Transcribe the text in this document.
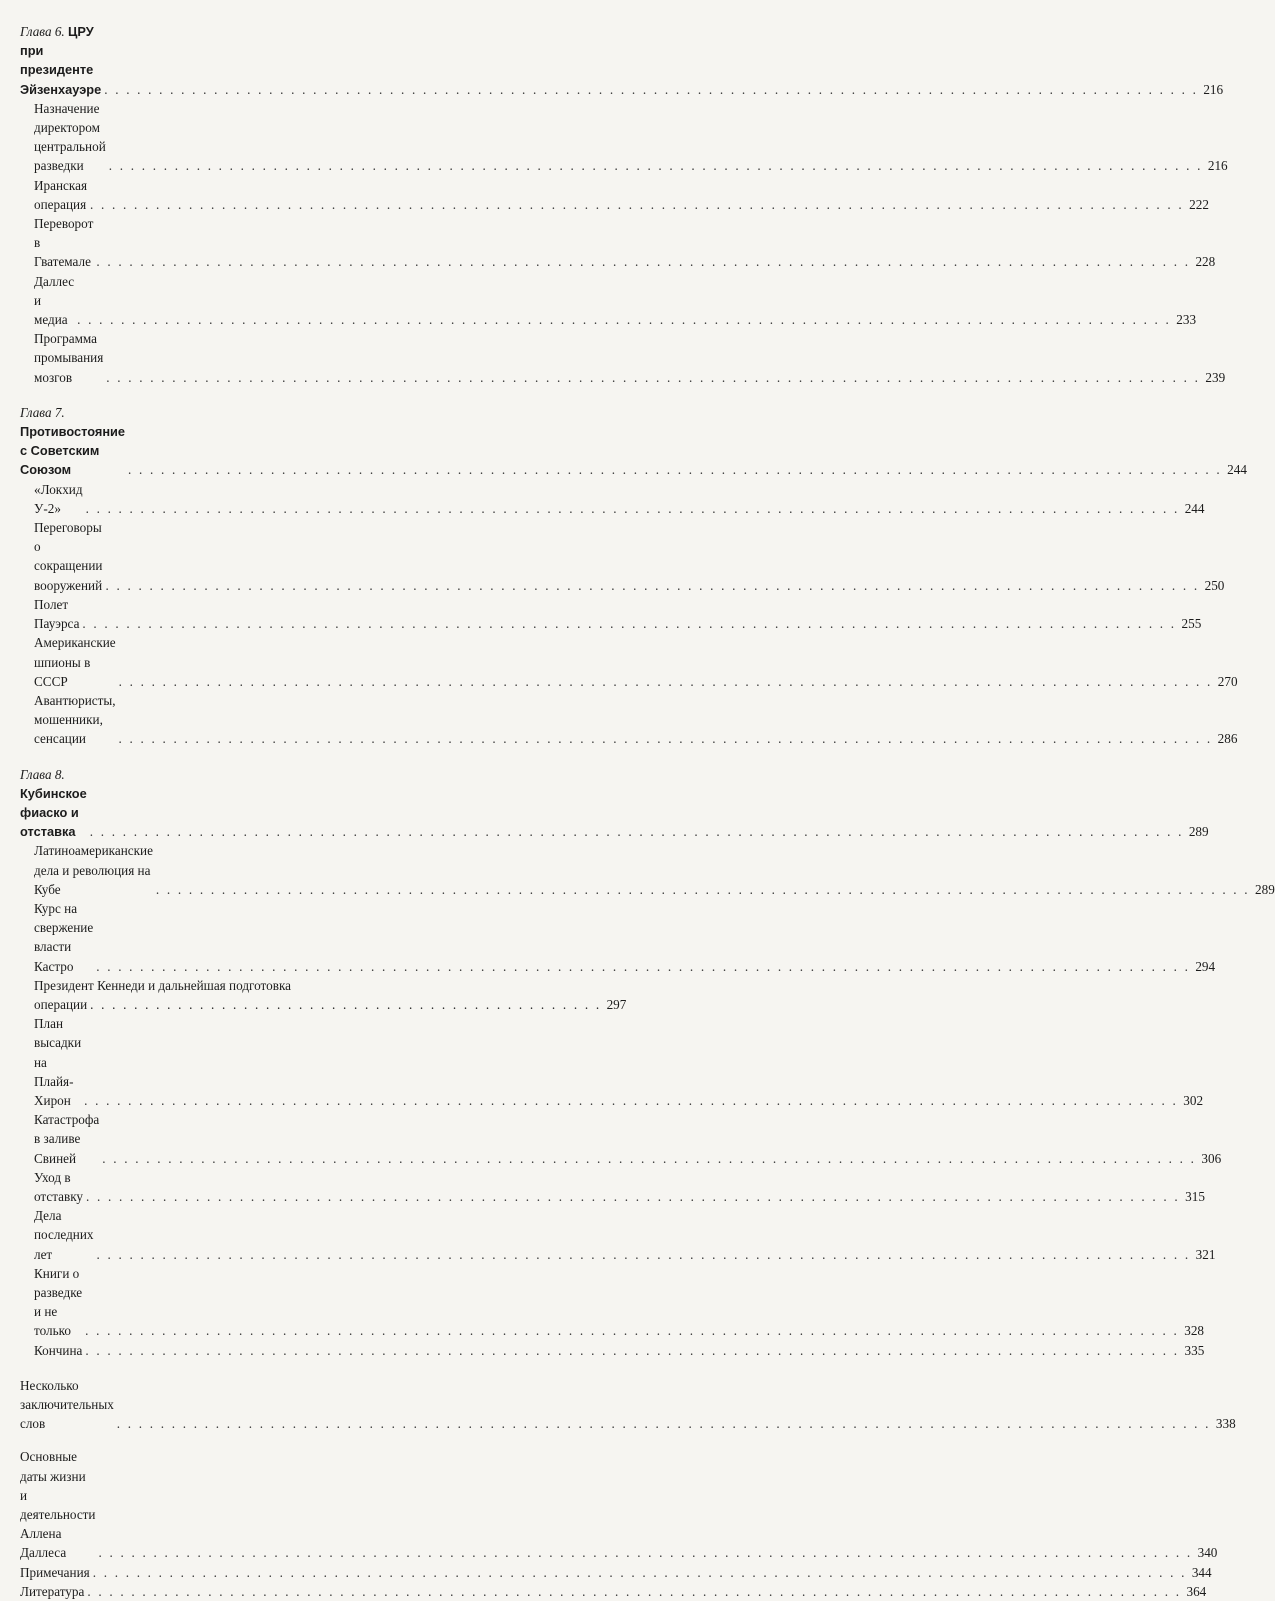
Глава 6. ЦРУ при президенте Эйзенхауэре . . .	216
Назначение директором центральной разведки . . .	216
Иранская операция . . .	222
Переворот в Гватемале . . .	228
Даллес и медиа . . .	233
Программа промывания мозгов . . .	239
Глава 7. Противостояние с Советским Союзом . . .	244
«Локхид У-2» . . .	244
Переговоры о сокращении вооружений . . .	250
Полет Пауэрса . . .	255
Американские шпионы в СССР . . .	270
Авантюристы, мошенники, сенсации . . .	286
Глава 8. Кубинское фиаско и отставка . . .	289
Латиноамериканские дела и революция на Кубе . . .	289
Курс на свержение власти Кастро . . .	294
Президент Кеннеди и дальнейшая подготовка
операции . . .	297
План высадки на Плайя-Хирон . . .	302
Катастрофа в заливе Свиней . . .	306
Уход в отставку . . .	315
Дела последних лет . . .	321
Книги о разведке и не только . . .	328
Кончина . . .	335
Несколько заключительных слов . . .	338
Основные даты жизни и деятельности Аллена Даллеса . . .	340
Примечания . . .	344
Литература . . .	364
